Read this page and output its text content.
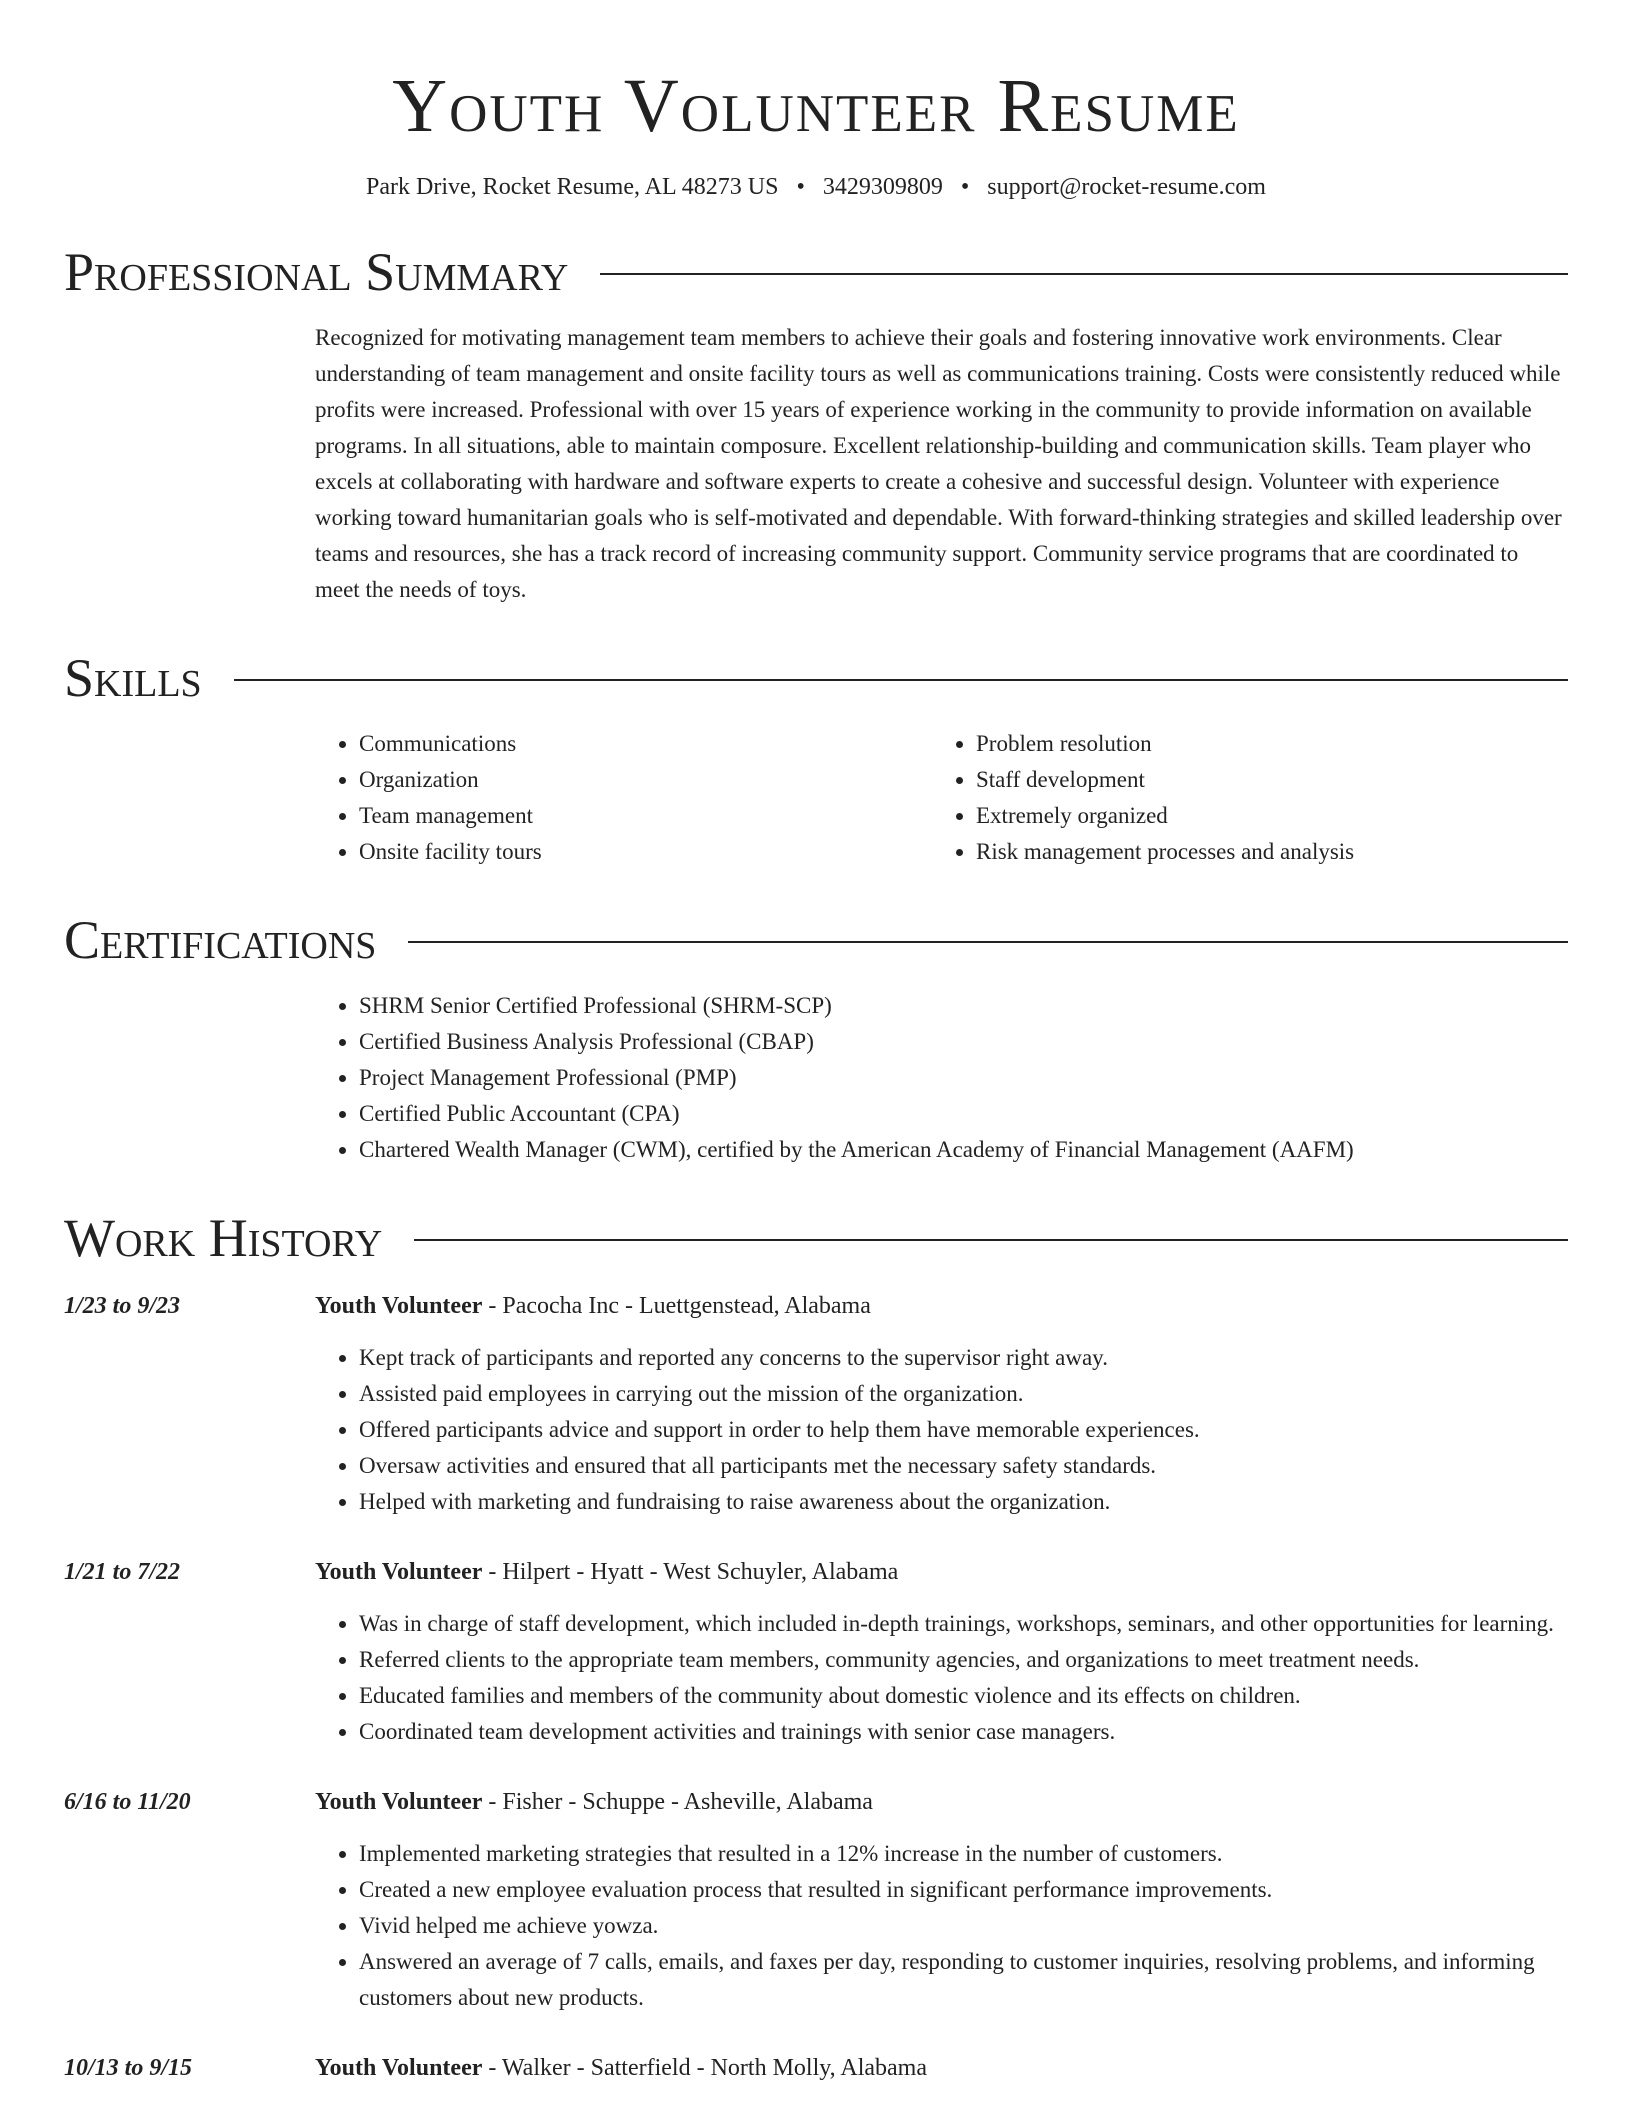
Youth Volunteer Resume
Park Drive, Rocket Resume, AL 48273 US • 3429309809 • support@rocket-resume.com
Professional Summary

Recognized for motivating management team members to achieve their goals and fostering innovative work environments. Clear understanding of team management and onsite facility tours as well as communications training. Costs were consistently reduced while profits were increased. Professional with over 15 years of experience working in the community to provide information on available programs. In all situations, able to maintain composure. Excellent relationship-building and communication skills. Team player who excels at collaborating with hardware and software experts to create a cohesive and successful design. Volunteer with experience working toward humanitarian goals who is self-motivated and dependable. With forward-thinking strategies and skilled leadership over teams and resources, she has a track record of increasing community support. Community service programs that are coordinated to meet the needs of toys.

Skills
• Communications
• Organization
• Team management
• Onsite facility tours
• Problem resolution
• Staff development
• Extremely organized
• Risk management processes and analysis
Certifications
• SHRM Senior Certified Professional (SHRM-SCP)
• Certified Business Analysis Professional (CBAP)
• Project Management Professional (PMP)
• Certified Public Accountant (CPA)
• Chartered Wealth Manager (CWM), certified by the American Academy of Financial Management (AAFM)
Work History
1/23 to 9/23	Youth Volunteer - Pacocha Inc - Luettgenstead, Alabama
• Kept track of participants and reported any concerns to the supervisor right away.
• Assisted paid employees in carrying out the mission of the organization.
• Offered participants advice and support in order to help them have memorable experiences.
• Oversaw activities and ensured that all participants met the necessary safety standards.
• Helped with marketing and fundraising to raise awareness about the organization.
1/21 to 7/22	Youth Volunteer - Hilpert - Hyatt - West Schuyler, Alabama
• Was in charge of staff development, which included in-depth trainings, workshops, seminars, and other opportunities for learning.
• Referred clients to the appropriate team members, community agencies, and organizations to meet treatment needs.
• Educated families and members of the community about domestic violence and its effects on children.
• Coordinated team development activities and trainings with senior case managers.
6/16 to 11/20	Youth Volunteer - Fisher - Schuppe - Asheville, Alabama
• Implemented marketing strategies that resulted in a 12% increase in the number of customers.
• Created a new employee evaluation process that resulted in significant performance improvements.
• Vivid helped me achieve yowza.
• Answered an average of 7 calls, emails, and faxes per day, responding to customer inquiries, resolving problems, and informing customers about new products.
10/13 to 9/15	Youth Volunteer - Walker - Satterfield - North Molly, Alabama
